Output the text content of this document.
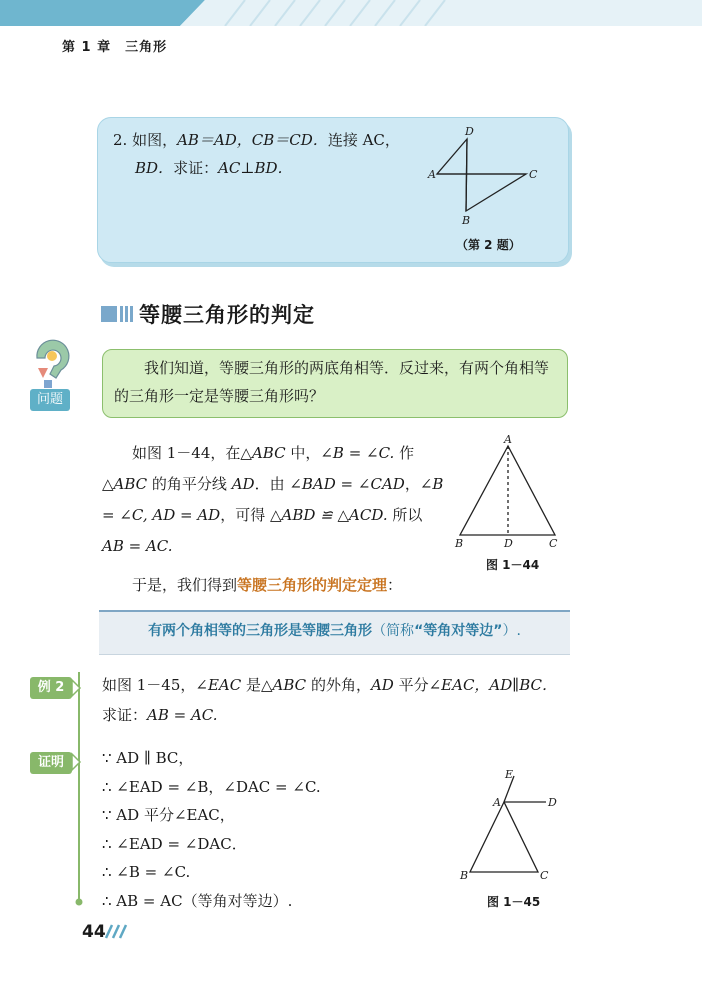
第 1 章　三角形
2. 如图，AB＝AD，CB＝CD．连接 AC，
BD．求证：AC⊥BD．
D
A	C
B
（第 2 题）
等腰三角形的判定
问题
我们知道，等腰三角形的两底角相等．反过来，有两个角相等的三角形一定是等腰三角形吗？
如图 1－44，在△ABC 中，∠B = ∠C. 作 △ABC 的角平分线 AD．由 ∠BAD = ∠CAD，∠B = ∠C, AD = AD，可得 △ABD ≌ △ACD. 所以 AB = AC.
A
B	D	C
图 1－44
于是，我们得到等腰三角形的判定定理：
有两个角相等的三角形是等腰三角形（简称“等角对等边”）.
例 2
证明
如图 1－45，∠EAC 是△ABC 的外角，AD 平分∠EAC，AD∥BC．
求证：AB = AC.
∵ AD ∥ BC，
∴ ∠EAD = ∠B，∠DAC = ∠C.
∵ AD 平分∠EAC，
∴ ∠EAD = ∠DAC．
∴ ∠B = ∠C.
∴ AB = AC（等角对等边）.
E
A	D
B	C
图 1－45
44
